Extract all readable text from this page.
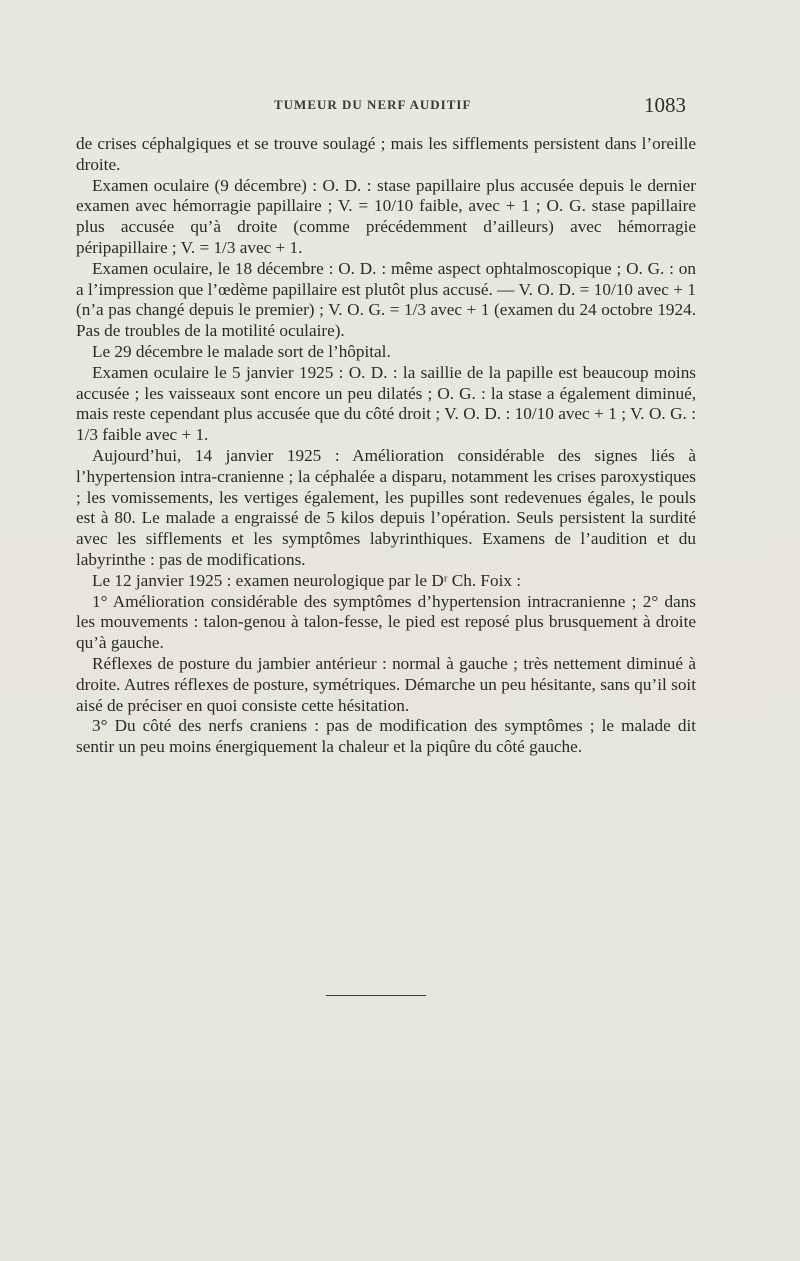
TUMEUR DU NERF AUDITIF	1083

de crises céphalgiques et se trouve soulagé ; mais les sifflements persistent dans l’oreille droite.

Examen oculaire (9 décembre) : O. D. : stase papillaire plus accusée depuis le dernier examen avec hémorragie papillaire ; V. = 10/10 faible, avec + 1 ; O. G. stase papillaire plus accusée qu’à droite (comme précédemment d’ailleurs) avec hémorragie péripapillaire ; V. = 1/3 avec + 1.

Examen oculaire, le 18 décembre : O. D. : même aspect ophtalmoscopique ; O. G. : on a l’impression que l’œdème papillaire est plutôt plus accusé. — V. O. D. = 10/10 avec + 1 (n’a pas changé depuis le premier) ; V. O. G. = 1/3 avec + 1 (examen du 24 octobre 1924. Pas de troubles de la motilité oculaire).

Le 29 décembre le malade sort de l’hôpital.

Examen oculaire le 5 janvier 1925 : O. D. : la saillie de la papille est beaucoup moins accusée ; les vaisseaux sont encore un peu dilatés ; O. G. : la stase a également diminué, mais reste cependant plus accusée que du côté droit ; V. O. D. : 10/10 avec + 1 ; V. O. G. : 1/3 faible avec + 1.

Aujourd’hui, 14 janvier 1925 : Amélioration considérable des signes liés à l’hypertension intra-cranienne ; la céphalée a disparu, notamment les crises paroxystiques ; les vomissements, les vertiges également, les pupilles sont redevenues égales, le pouls est à 80. Le malade a engraissé de 5 kilos depuis l’opération. Seuls persistent la surdité avec les sifflements et les symptômes labyrinthiques. Examens de l’audition et du labyrinthe : pas de modifications.

Le 12 janvier 1925 : examen neurologique par le Dʳ Ch. Foix :

1° Amélioration considérable des symptômes d’hypertension intracranienne ; 2° dans les mouvements : talon-genou à talon-fesse, le pied est reposé plus brusquement à droite qu’à gauche.

Réflexes de posture du jambier antérieur : normal à gauche ; très nettement diminué à droite. Autres réflexes de posture, symétriques. Démarche un peu hésitante, sans qu’il soit aisé de préciser en quoi consiste cette hésitation.

3° Du côté des nerfs craniens : pas de modification des symptômes ; le malade dit sentir un peu moins énergiquement la chaleur et la piqûre du côté gauche.
